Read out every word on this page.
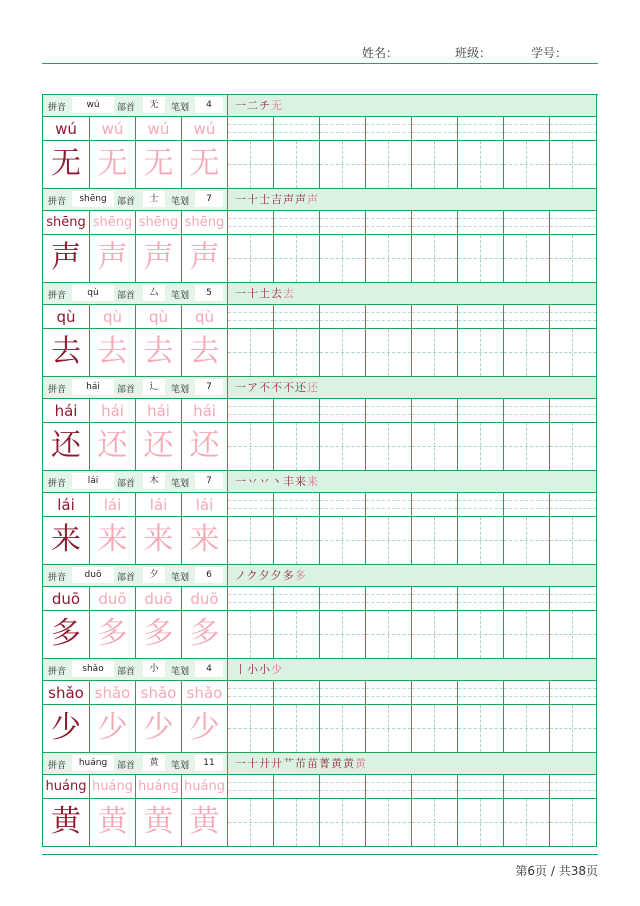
姓名：	班级：	学号：
拼音	wú	部首	无	笔划	4	一二チ无
wú	wú	wú	wú
无 无 无 无
拼音	shēng	部首	士	笔划	7	一十士吉声声声
shēng shēng shēng shēng
声 声 声 声
拼音	qù	部首	厶	笔划	5	一十土去去
qù	qù	qù	qù
去 去 去 去
拼音	hái	部首	辶	笔划	7	一ア不不不还还
hái	hái	hái	hái
还 还 还 还
拼音	lái	部首	木	笔划	7	一丷丷丶丰来来
lái	lái	lái	lái
来 来 来 来
拼音	duō	部首	夕	笔划	6	ノク夕夕多多
duō	duō	duō	duō
多 多 多 多
拼音	shǎo	部首	小	笔划	4	丨小小少
shǎo shǎo shǎo shǎo
少 少 少 少
拼音	huáng	部首	黄	笔划	11	一十廾廾艹芇苗菁黄黄黄
huáng huáng huáng huáng
黄 黄 黄 黄
第6页 / 共38页
